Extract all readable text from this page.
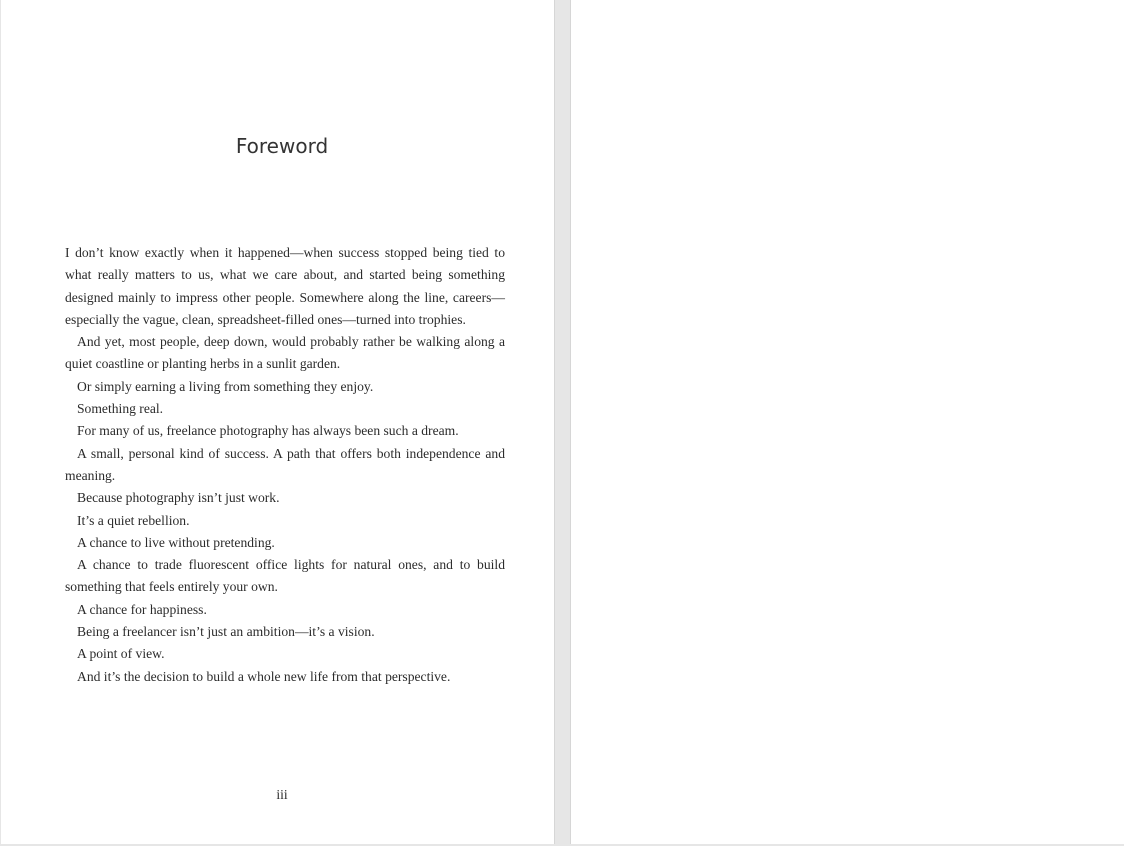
Foreword

I don’t know exactly when it happened—when success stopped being tied to what really matters to us, what we care about, and started being something designed mainly to impress other people. Somewhere along the line, careers—especially the vague, clean, spreadsheet-filled ones—turned into trophies.

And yet, most people, deep down, would probably rather be walking along a quiet coastline or planting herbs in a sunlit garden.

Or simply earning a living from something they enjoy.

Something real.

For many of us, freelance photography has always been such a dream.

A small, personal kind of success. A path that offers both independence and meaning.

Because photography isn’t just work.

It’s a quiet rebellion.

A chance to live without pretending.

A chance to trade fluorescent office lights for natural ones, and to build something that feels entirely your own.

A chance for happiness.

Being a freelancer isn’t just an ambition—it’s a vision.

A point of view.

And it’s the decision to build a whole new life from that perspective.

iii
